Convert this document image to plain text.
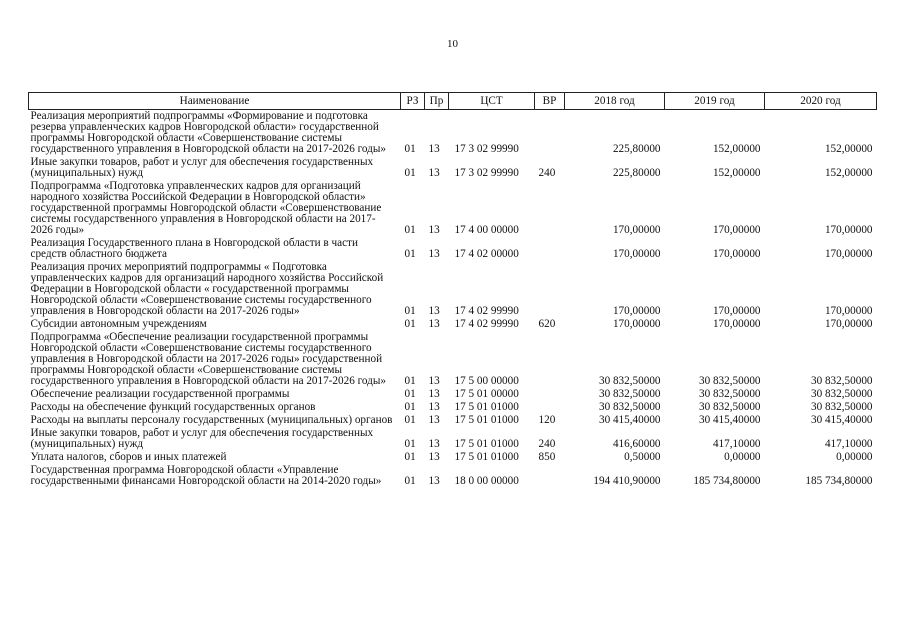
10
Наименование	РЗ	Пр	ЦСТ	ВР	2018 год	2019 год	2020 год
Реализация мероприятий подпрограммы «Формирование и подготовка резерва управленческих кадров Новгородской области» государственной программы Новгородской области «Совершенствование системы государственного управления в Новгородской области на 2017-2026 годы»	01	13	17 3 02 99990		225,80000	152,00000	152,00000
Иные закупки товаров, работ и услуг для обеспечения государственных (муниципальных) нужд	01	13	17 3 02 99990	240	225,80000	152,00000	152,00000
Подпрограмма «Подготовка управленческих кадров для организаций народного хозяйства Российской Федерации в Новгородской области» государственной программы Новгородской области «Совершенствование системы государственного управления в Новгородской области на 2017-2026 годы»	01	13	17 4 00 00000		170,00000	170,00000	170,00000
Реализация Государственного плана в Новгородской области в части средств областного бюджета	01	13	17 4 02 00000		170,00000	170,00000	170,00000
Реализация прочих мероприятий подпрограммы « Подготовка управленческих кадров для организаций народного хозяйства Российской Федерации в Новгородской области « государственной программы Новгородской области «Совершенствование системы государственного управления в Новгородской области на 2017-2026 годы»	01	13	17 4 02 99990		170,00000	170,00000	170,00000
Субсидии автономным учреждениям	01	13	17 4 02 99990	620	170,00000	170,00000	170,00000
Подпрограмма «Обеспечение реализации государственной программы Новгородской области «Совершенствование системы государственного управления в Новгородской области на 2017-2026 годы» государственной программы Новгородской области «Совершенствование системы государственного управления в Новгородской области на 2017-2026 годы»	01	13	17 5 00 00000		30 832,50000	30 832,50000	30 832,50000
Обеспечение реализации государственной программы	01	13	17 5 01 00000		30 832,50000	30 832,50000	30 832,50000
Расходы на обеспечение функций государственных органов	01	13	17 5 01 01000		30 832,50000	30 832,50000	30 832,50000
Расходы на выплаты персоналу государственных (муниципальных) органов	01	13	17 5 01 01000	120	30 415,40000	30 415,40000	30 415,40000
Иные закупки товаров, работ и услуг для обеспечения государственных (муниципальных) нужд	01	13	17 5 01 01000	240	416,60000	417,10000	417,10000
Уплата налогов, сборов и иных платежей	01	13	17 5 01 01000	850	0,50000	0,00000	0,00000
Государственная программа Новгородской области «Управление государственными финансами Новгородской области на 2014-2020 годы»	01	13	18 0 00 00000		194 410,90000	185 734,80000	185 734,80000
